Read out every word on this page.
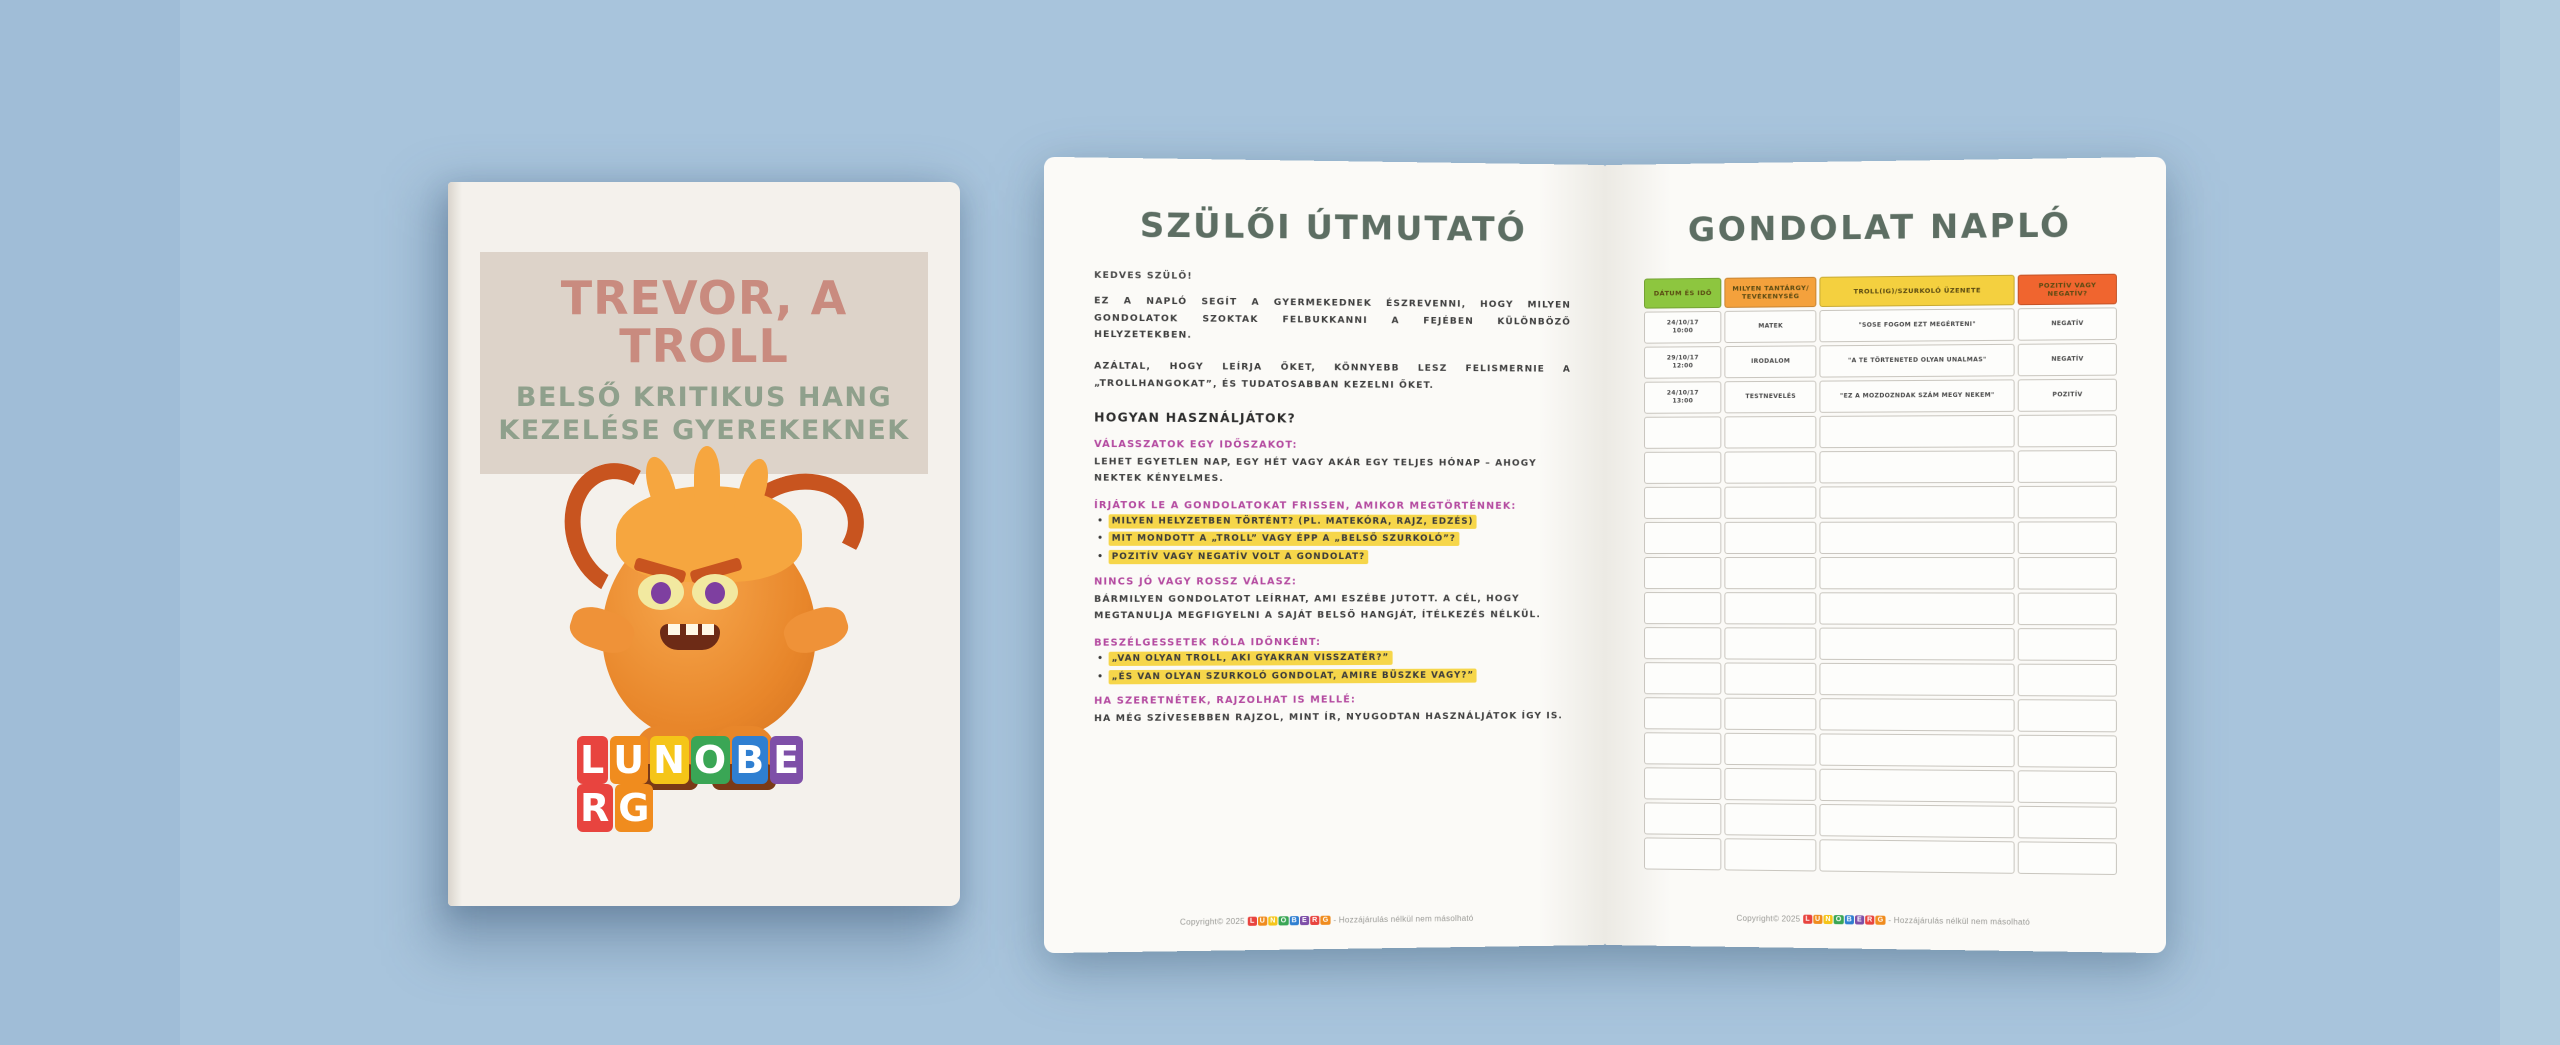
TREVOR, A TROLL
BELSŐ KRITIKUS HANG
KEZELÉSE GYEREKEKNEK
L U N O B ER G
SZÜLŐI ÚTMUTATÓ
KEDVES SZÜLŐ!
EZ A NAPLÓ SEGÍT A GYERMEKEDNEK ÉSZREVENNI, HOGY MILYEN GONDOLATOK SZOKTAK FELBUKKANNI A FEJÉBEN KÜLÖNBÖZŐ HELYZETEKBEN.
AZÁLTAL, HOGY LEÍRJA ŐKET, KÖNNYEBB LESZ FELISMERNIE A „TROLLHANGOKAT”, ÉS TUDATOSABBAN KEZELNI ŐKET.
HOGYAN HASZNÁLJÁTOK?
VÁLASSZATOK EGY IDŐSZAKOT:
LEHET EGYETLEN NAP, EGY HÉT VAGY AKÁR EGY TELJES HÓNAP – AHOGY NEKTEK KÉNYELMES.
ÍRJÁTOK LE A GONDOLATOKAT FRISSEN, AMIKOR MEGTÖRTÉNNEK:
• MILYEN HELYZETBEN TÖRTÉNT? (PL. MATEKÓRA, RAJZ, EDZÉS)
• MIT MONDOTT A „TROLL” VAGY ÉPP A „BELSŐ SZURKOLÓ”?
• POZITÍV VAGY NEGATÍV VOLT A GONDOLAT?
NINCS JÓ VAGY ROSSZ VÁLASZ:
BÁRMILYEN GONDOLATOT LEÍRHAT, AMI ESZÉBE JUTOTT. A CÉL, HOGY MEGTANULJA MEGFIGYELNI A SAJÁT BELSŐ HANGJÁT, ÍTÉLKEZÉS NÉLKÜL.
BESZÉLGESSETEK RÓLA IDŐNKÉNT:
• „VAN OLYAN TROLL, AKI GYAKRAN VISSZATÉR?”
• „ÉS VAN OLYAN SZURKOLÓ GONDOLAT, AMIRE BÜSZKE VAGY?”
HA SZERETNÉTEK, RAJZOLHAT IS MELLÉ:
HA MÉG SZÍVESEBBEN RAJZOL, MINT ÍR, NYUGODTAN HASZNÁLJÁTOK ÍGY IS.
Copyright© 2025 L U N O B E R G - Hozzájárulás nélkül nem másolható
GONDOLAT NAPLÓ
DÁTUM ÉS IDŐ	MILYEN TANTÁRGY/ TEVÉKENYSÉG	TROLL(IG)/SZURKOLÓ ÜZENETE	POZITÍV VAGY NEGATÍV?
24/10/17
10:00	MATEK	"SOSE FOGOM EZT MEGÉRTENI"	NEGATÍV
29/10/17
12:00	IRODALOM	"A TE TÖRTENETED OLYAN UNALMAS"	NEGATÍV
24/10/17
13:00	TESTNEVELÉS	"EZ A MOZDOZNDAK SZÁM MEGY NEKEM"	POZITÍV

Copyright© 2025 L U N O B E R G - Hozzájárulás nélkül nem másolható
